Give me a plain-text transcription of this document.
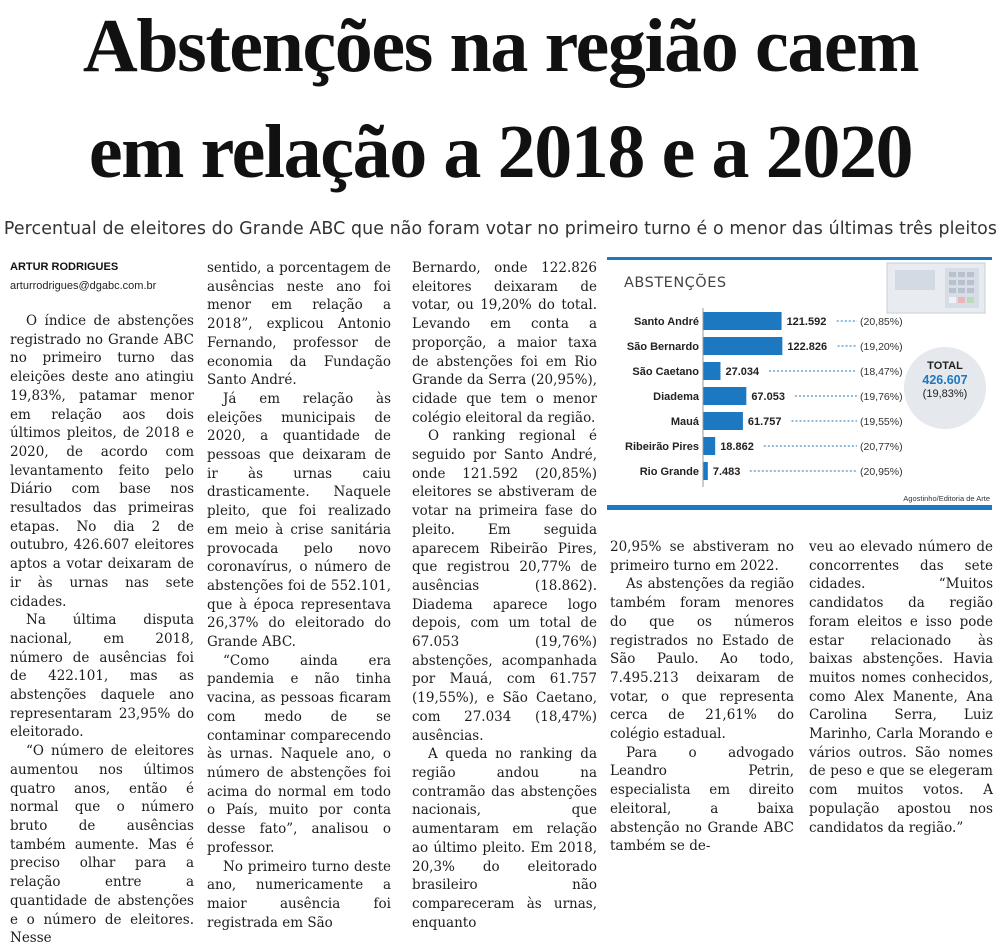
Abstenções na região caem
em relação a 2018 e a 2020
Percentual de eleitores do Grande ABC que não foram votar no primeiro turno é o menor das últimas três pleitos
ARTUR RODRIGUES
arturrodrigues@dgabc.com.br

O índice de abstenções registrado no Grande ABC no primeiro turno das eleições deste ano atingiu 19,83%, patamar menor em relação aos dois últimos pleitos, de 2018 e 2020, de acordo com levantamento feito pelo Diário com base nos resultados das primeiras etapas. No dia 2 de outubro, 426.607 eleitores aptos a votar deixaram de ir às urnas nas sete cidades.

Na última disputa nacional, em 2018, número de ausências foi de 422.101, mas as abstenções daquele ano representaram 23,95% do eleitorado.

“O número de eleitores aumentou nos últimos quatro anos, então é normal que o número bruto de ausências também aumente. Mas é preciso olhar para a relação entre a quantidade de abstenções e o número de eleitores. Nesse

sentido, a porcentagem de ausências neste ano foi menor em relação a 2018”, explicou Antonio Fernando, professor de economia da Fundação Santo André.

Já em relação às eleições municipais de 2020, a quantidade de pessoas que deixaram de ir às urnas caiu drasticamente. Naquele pleito, que foi realizado em meio à crise sanitária provocada pelo novo coronavírus, o número de abstenções foi de 552.101, que à época representava 26,37% do eleitorado do Grande ABC.

“Como ainda era pandemia e não tinha vacina, as pessoas ficaram com medo de se contaminar comparecendo às urnas. Naquele ano, o número de abstenções foi acima do normal em todo o País, muito por conta desse fato”, analisou o professor.

No primeiro turno deste ano, numericamente a maior ausência foi registrada em São

Bernardo, onde 122.826 eleitores deixaram de votar, ou 19,20% do total. Levando em conta a proporção, a maior taxa de abstenções foi em Rio Grande da Serra (20,95%), cidade que tem o menor colégio eleitoral da região.

O ranking regional é seguido por Santo André, onde 121.592 (20,85%) eleitores se abstiveram de votar na primeira fase do pleito. Em seguida aparecem Ribeirão Pires, que registrou 20,77% de ausências (18.862). Diadema aparece logo depois, com um total de 67.053 (19,76%) abstenções, acompanhada por Mauá, com 61.757 (19,55%), e São Caetano, com 27.034 (18,47%) ausências.

A queda no ranking da região andou na contramão das abstenções nacionais, que aumentaram em relação ao último pleito. Em 2018, 20,3% do eleitorado brasileiro não compareceram às urnas, enquanto

20,95% se abstiveram no primeiro turno em 2022.

As abstenções da região também foram menores do que os números registrados no Estado de São Paulo. Ao todo, 7.495.213 deixaram de votar, o que representa cerca de 21,61% do colégio estadual.

Para o advogado Leandro Petrin, especialista em direito eleitoral, a baixa abstenção no Grande ABC também se de-

veu ao elevado número de concorrentes das sete cidades. “Muitos candidatos da região foram eleitos e isso pode estar relacionado às baixas abstenções. Havia muitos nomes conhecidos, como Alex Manente, Ana Carolina Serra, Luiz Marinho, Carla Morando e vários outros. São nomes de peso e que se elegeram com muitos votos. A população apostou nos candidatos da região.”

Santo André	121.592	(20,85%)
São Bernardo	122.826	(19,20%)
São Caetano 27.034	(18,47%)
Diadema	67.053	(19,76%)
Mauá	61.757	(19,55%)
Ribeirão Pires 18.862	(20,77%)
Rio Grande 7.483	(20,95%)
ABSTENÇÕES
TOTAL
426.607
(19,83%)
Agostinho/Editoria de Arte
